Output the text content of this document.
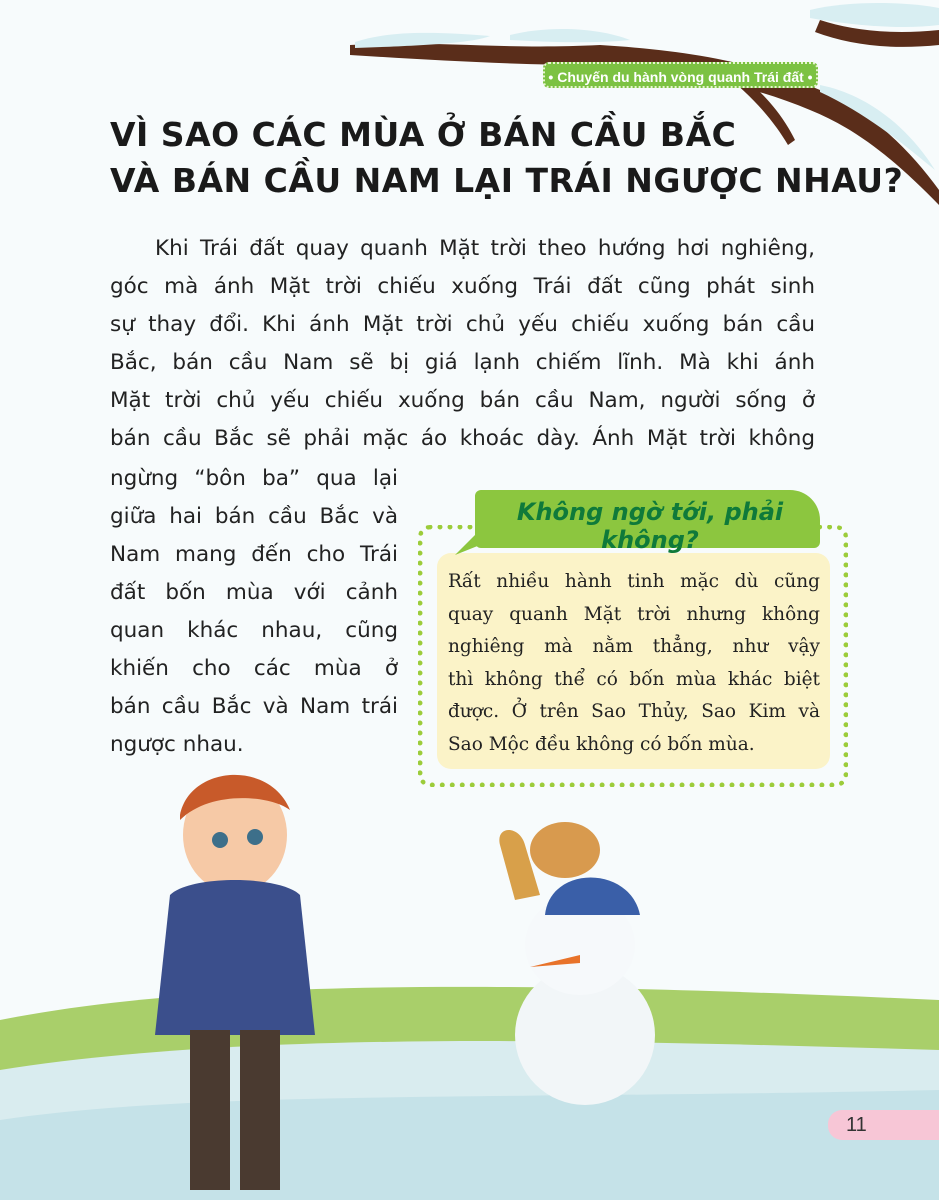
• Chuyến du hành vòng quanh Trái đất •
VÌ SAO CÁC MÙA Ở BÁN CẦU BẮC
VÀ BÁN CẦU NAM LẠI TRÁI NGƯỢC NHAU?
Khi Trái đất quay quanh Mặt trời theo hướng hơi nghiêng,
góc mà ánh Mặt trời chiếu xuống Trái đất cũng phát sinh
sự thay đổi. Khi ánh Mặt trời chủ yếu chiếu xuống bán cầu
Bắc, bán cầu Nam sẽ bị giá lạnh chiếm lĩnh. Mà khi ánh
Mặt trời chủ yếu chiếu xuống bán cầu Nam, người sống ở
bán cầu Bắc sẽ phải mặc áo khoác dày. Ánh Mặt trời không
ngừng “bôn ba” qua lại
giữa hai bán cầu Bắc và
Nam mang đến cho Trái
đất bốn mùa với cảnh
quan khác nhau, cũng
khiến cho các mùa ở
bán cầu Bắc và Nam trái
ngược nhau.
Không ngờ tới, phải không?
Rất nhiều hành tinh mặc dù cũng
quay quanh Mặt trời nhưng không
nghiêng mà nằm thẳng, như vậy
thì không thể có bốn mùa khác biệt
được. Ở trên Sao Thủy, Sao Kim và
Sao Mộc đều không có bốn mùa.
11
